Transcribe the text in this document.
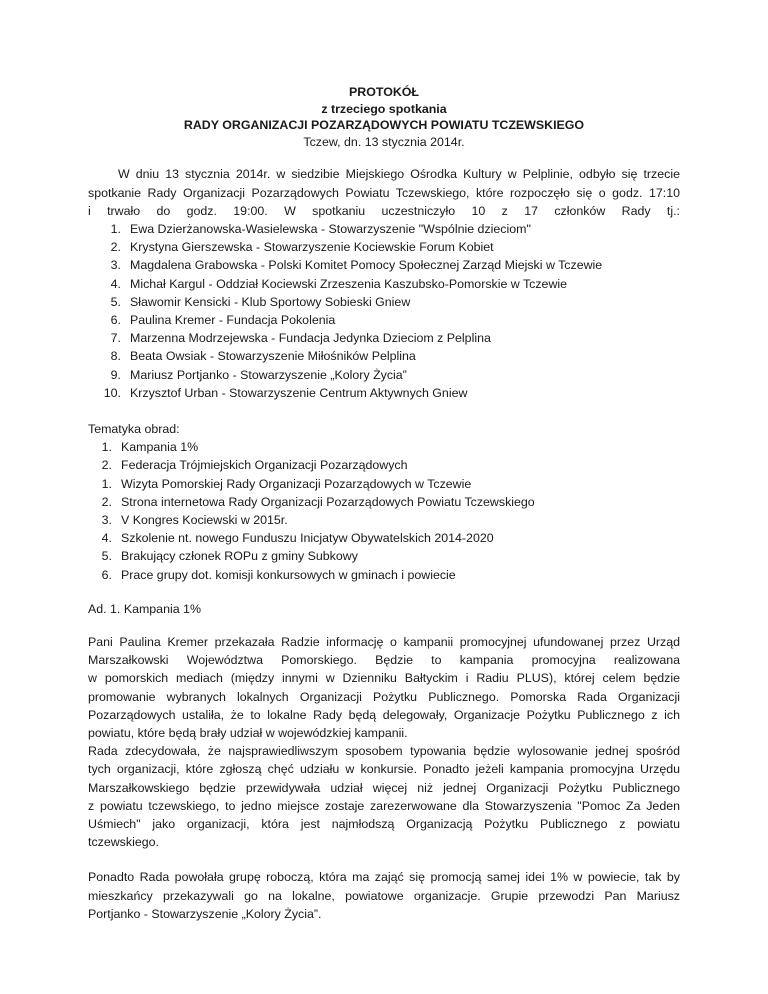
PROTOKÓŁ
z trzeciego spotkania
RADY ORGANIZACJI POZARZĄDOWYCH POWIATU TCZEWSKIEGO
Tczew, dn. 13 stycznia 2014r.
W dniu 13 stycznia 2014r. w siedzibie Miejskiego Ośrodka Kultury w Pelplinie, odbyło się trzecie
spotkanie Rady Organizacji Pozarządowych Powiatu Tczewskiego, które rozpoczęło się o godz. 17:10
i trwało do godz. 19:00. W spotkaniu uczestniczyło 10 z 17 członków Rady tj.:
1. Ewa Dzierżanowska-Wasielewska - Stowarzyszenie "Wspólnie dzieciom"
2. Krystyna Gierszewska - Stowarzyszenie Kociewskie Forum Kobiet
3. Magdalena Grabowska - Polski Komitet Pomocy Społecznej Zarząd Miejski w Tczewie
4. Michał Kargul - Oddział Kociewski Zrzeszenia Kaszubsko-Pomorskie w Tczewie
5. Sławomir Kensicki - Klub Sportowy Sobieski Gniew
6. Paulina Kremer - Fundacja Pokolenia
7. Marzenna Modrzejewska - Fundacja Jedynka Dzieciom z Pelplina
8. Beata Owsiak - Stowarzyszenie Miłośników Pelplina
9. Mariusz Portjanko - Stowarzyszenie „Kolory Życia”
10. Krzysztof Urban - Stowarzyszenie Centrum Aktywnych Gniew
Tematyka obrad:
1. Kampania 1%
2. Federacja Trójmiejskich Organizacji Pozarządowych
1. Wizyta Pomorskiej Rady Organizacji Pozarządowych w Tczewie
2. Strona internetowa Rady Organizacji Pozarządowych Powiatu Tczewskiego
3. V Kongres Kociewski w 2015r.
4. Szkolenie nt. nowego Funduszu Inicjatyw Obywatelskich 2014-2020
5. Brakujący członek ROPu z gminy Subkowy
6. Prace grupy dot. komisji konkursowych w gminach i powiecie
Ad. 1. Kampania 1%
Pani Paulina Kremer przekazała Radzie informację o kampanii promocyjnej ufundowanej przez Urząd
Marszałkowski Województwa Pomorskiego. Będzie to kampania promocyjna realizowana
w pomorskich mediach (między innymi w Dzienniku Bałtyckim i Radiu PLUS), której celem będzie
promowanie wybranych lokalnych Organizacji Pożytku Publicznego. Pomorska Rada Organizacji
Pozarządowych ustaliła, że to lokalne Rady będą delegowały, Organizacje Pożytku Publicznego z ich
powiatu, które będą brały udział w wojewódzkiej kampanii.
Rada zdecydowała, że najsprawiedliwszym sposobem typowania będzie wylosowanie jednej spośród
tych organizacji, które zgłoszą chęć udziału w konkursie. Ponadto jeżeli kampania promocyjna Urzędu
Marszałkowskiego będzie przewidywała udział więcej niż jednej Organizacji Pożytku Publicznego
z powiatu tczewskiego, to jedno miejsce zostaje zarezerwowane dla Stowarzyszenia "Pomoc Za Jeden
Uśmiech" jako organizacji, która jest najmłodszą Organizacją Pożytku Publicznego z powiatu
tczewskiego.
Ponadto Rada powołała grupę roboczą, która ma zająć się promocją samej idei 1% w powiecie, tak by
mieszkańcy przekazywali go na lokalne, powiatowe organizacje. Grupie przewodzi Pan Mariusz
Portjanko - Stowarzyszenie „Kolory Życia”.
